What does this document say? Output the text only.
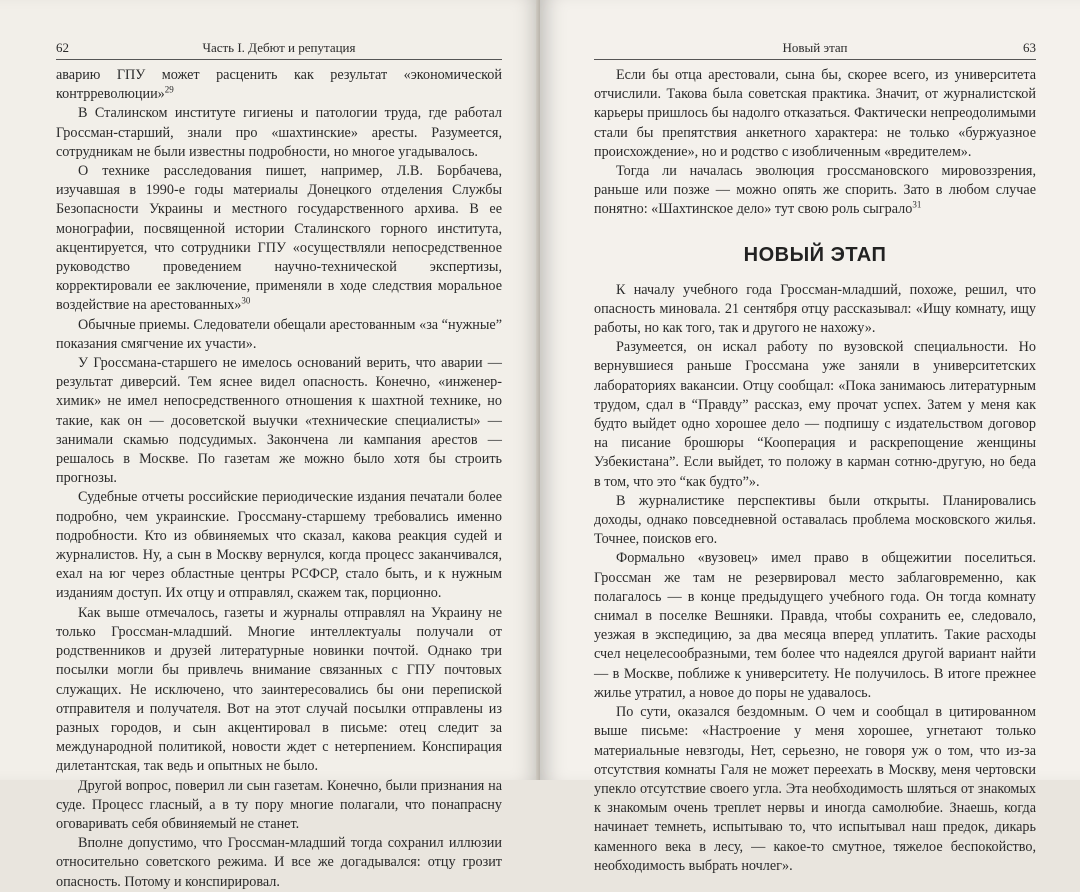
62	Часть I. Дебют и репутация

аварию ГПУ может расценить как результат «экономической контрреволюции»$^{29}$

В Сталинском институте гигиены и патологии труда, где работал Гроссман-старший, знали про «шахтинские» аресты. Разумеется, сотрудникам не были известны подробности, но многое угадывалось.

О технике расследования пишет, например, Л.В. Борбачева, изучавшая в 1990-е годы материалы Донецкого отделения Службы Безопасности Украины и местного государственного архива. В ее монографии, посвященной истории Сталинского горного института, акцентируется, что сотрудники ГПУ «осуществляли непосредственное руководство проведением научно-технической экспертизы, корректировали ее заключение, применяли в ходе следствия моральное воздействие на арестованных»$^{30}$

Обычные приемы. Следователи обещали арестованным «за “нужные” показания смягчение их участи».

У Гроссмана-старшего не имелось оснований верить, что аварии — результат диверсий. Тем яснее видел опасность. Конечно, «инженер-химик» не имел непосредственного отношения к шахтной технике, но такие, как он — досоветской выучки «технические специалисты» — занимали скамью подсудимых. Закончена ли кампания арестов — решалось в Москве. По газетам же можно было хотя бы строить прогнозы.

Судебные отчеты российские периодические издания печатали более подробно, чем украинские. Гроссману-старшему требовались именно подробности. Кто из обвиняемых что сказал, какова реакция судей и журналистов. Ну, а сын в Москву вернулся, когда процесс заканчивался, ехал на юг через областные центры РСФСР, стало быть, и к нужным изданиям доступ. Их отцу и отправлял, скажем так, порционно.

Как выше отмечалось, газеты и журналы отправлял на Украину не только Гроссман-младший. Многие интеллектуалы получали от родственников и друзей литературные новинки почтой. Однако три посылки могли бы привлечь внимание связанных с ГПУ почтовых служащих. Не исключено, что заинтересовались бы они перепиской отправителя и получателя. Вот на этот случай посылки отправлены из разных городов, и сын акцентировал в письме: отец следит за международной политикой, новости ждет с нетерпением. Конспирация дилетантская, так ведь и опытных не было.

Другой вопрос, поверил ли сын газетам. Конечно, были признания на суде. Процесс гласный, а в ту пору многие полагали, что понапрасну оговаривать себя обвиняемый не станет.

Вполне допустимо, что Гроссман-младший тогда сохранил иллюзии относительно советского режима. И все же догадывался: отцу грозит опасность. Потому и конспирировал.

Новый этап	63

Если бы отца арестовали, сына бы, скорее всего, из университета отчислили. Такова была советская практика. Значит, от журналистской карьеры пришлось бы надолго отказаться. Фактически непреодолимыми стали бы препятствия анкетного характера: не только «буржуазное происхождение», но и родство с изобличенным «вредителем».

Тогда ли началась эволюция гроссмановского мировоззрения, раньше или позже — можно опять же спорить. Зато в любом случае понятно: «Шахтинское дело» тут свою роль сыграло$^{31}$

НОВЫЙ ЭТАП

К началу учебного года Гроссман-младший, похоже, решил, что опасность миновала. 21 сентября отцу рассказывал: «Ищу комнату, ищу работы, но как того, так и другого не нахожу».

Разумеется, он искал работу по вузовской специальности. Но вернувшиеся раньше Гроссмана уже заняли в университетских лабораториях вакансии. Отцу сообщал: «Пока занимаюсь литературным трудом, сдал в “Правду” рассказ, ему прочат успех. Затем у меня как будто выйдет одно хорошее дело — подпишу с издательством договор на писание брошюры “Кооперация и раскрепощение женщины Узбекистана”. Если выйдет, то положу в карман сотню-другую, но беда в том, что это “как будто”».

В журналистике перспективы были открыты. Планировались доходы, однако повседневной оставалась проблема московского жилья. Точнее, поисков его.

Формально «вузовец» имел право в общежитии поселиться. Гроссман же там не резервировал место заблаговременно, как полагалось — в конце предыдущего учебного года. Он тогда комнату снимал в поселке Вешняки. Правда, чтобы сохранить ее, следовало, уезжая в экспедицию, за два месяца вперед уплатить. Такие расходы счел нецелесообразными, тем более что надеялся другой вариант найти — в Москве, поближе к университету. Не получилось. В итоге прежнее жилье утратил, а новое до поры не удавалось.

По сути, оказался бездомным. О чем и сообщал в цитированном выше письме: «Настроение у меня хорошее, угнетают только материальные невзгоды, Нет, серьезно, не говоря уж о том, что из-за отсутствия комнаты Галя не может переехать в Москву, меня чертовски упекло отсутствие своего угла. Эта необходимость шляться от знакомых к знакомым очень треплет нервы и иногда самолюбие. Знаешь, когда начинает темнеть, испытываю то, что испытывал наш предок, дикарь каменного века в лесу, — какое-то смутное, тяжелое беспокойство, необходимость выбрать ночлег».
